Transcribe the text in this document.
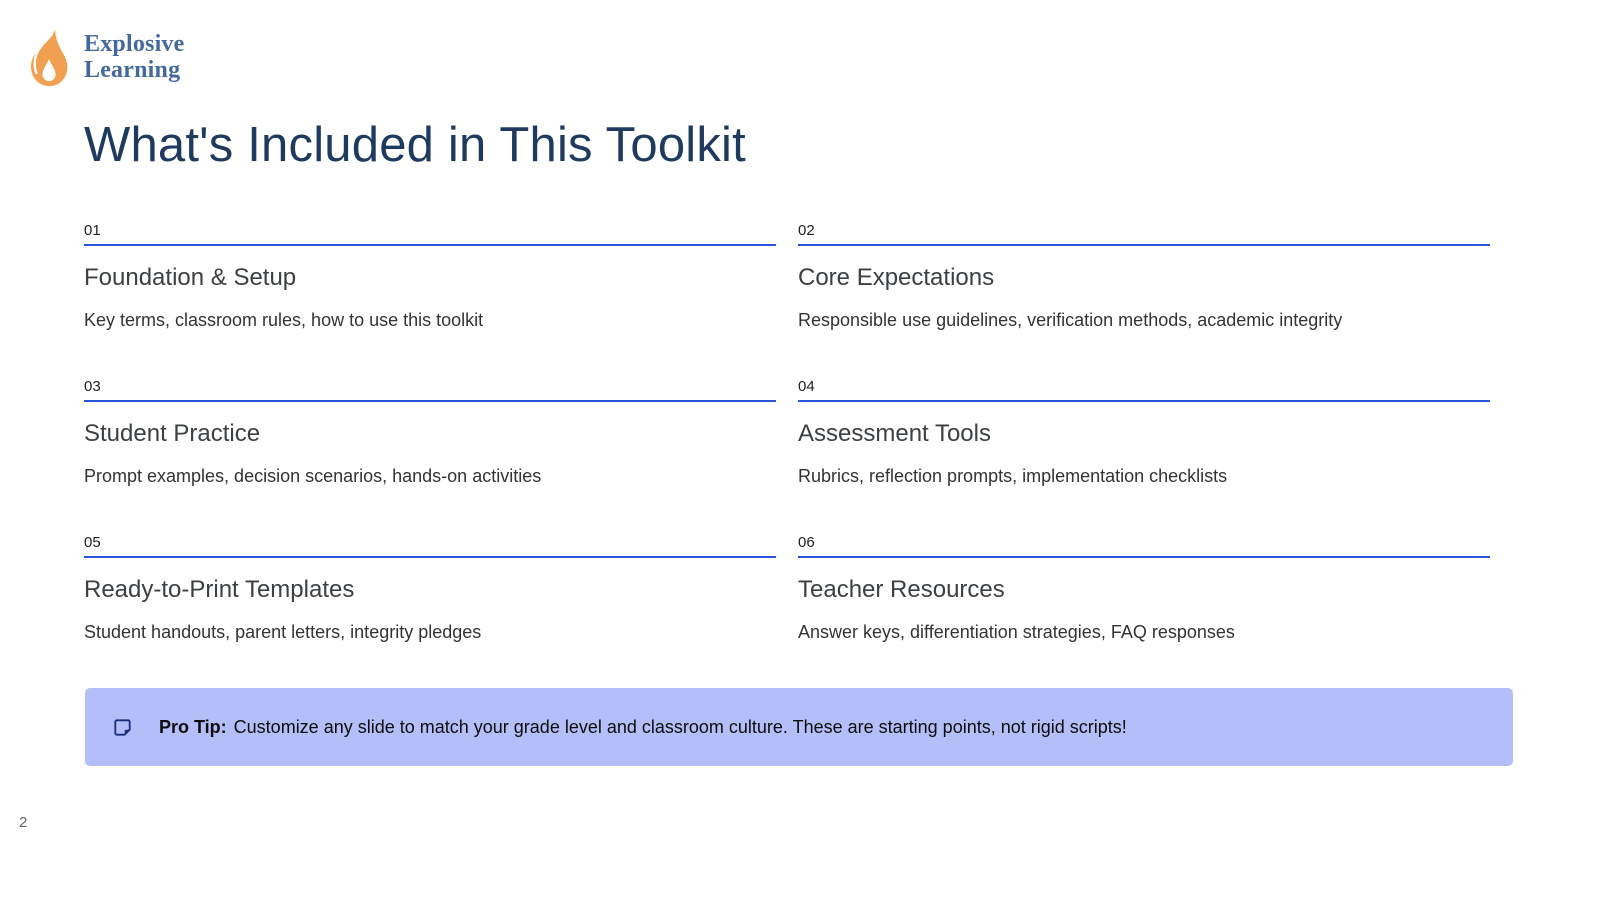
Explosive
Learning
What's Included in This Toolkit
01
Foundation & Setup
Key terms, classroom rules, how to use this toolkit
02
Core Expectations
Responsible use guidelines, verification methods, academic integrity
03
Student Practice
Prompt examples, decision scenarios, hands-on activities
04
Assessment Tools
Rubrics, reflection prompts, implementation checklists
05
Ready-to-Print Templates
Student handouts, parent letters, integrity pledges
06
Teacher Resources
Answer keys, differentiation strategies, FAQ responses
Pro Tip: Customize any slide to match your grade level and classroom culture. These are starting points, not rigid scripts!
2
